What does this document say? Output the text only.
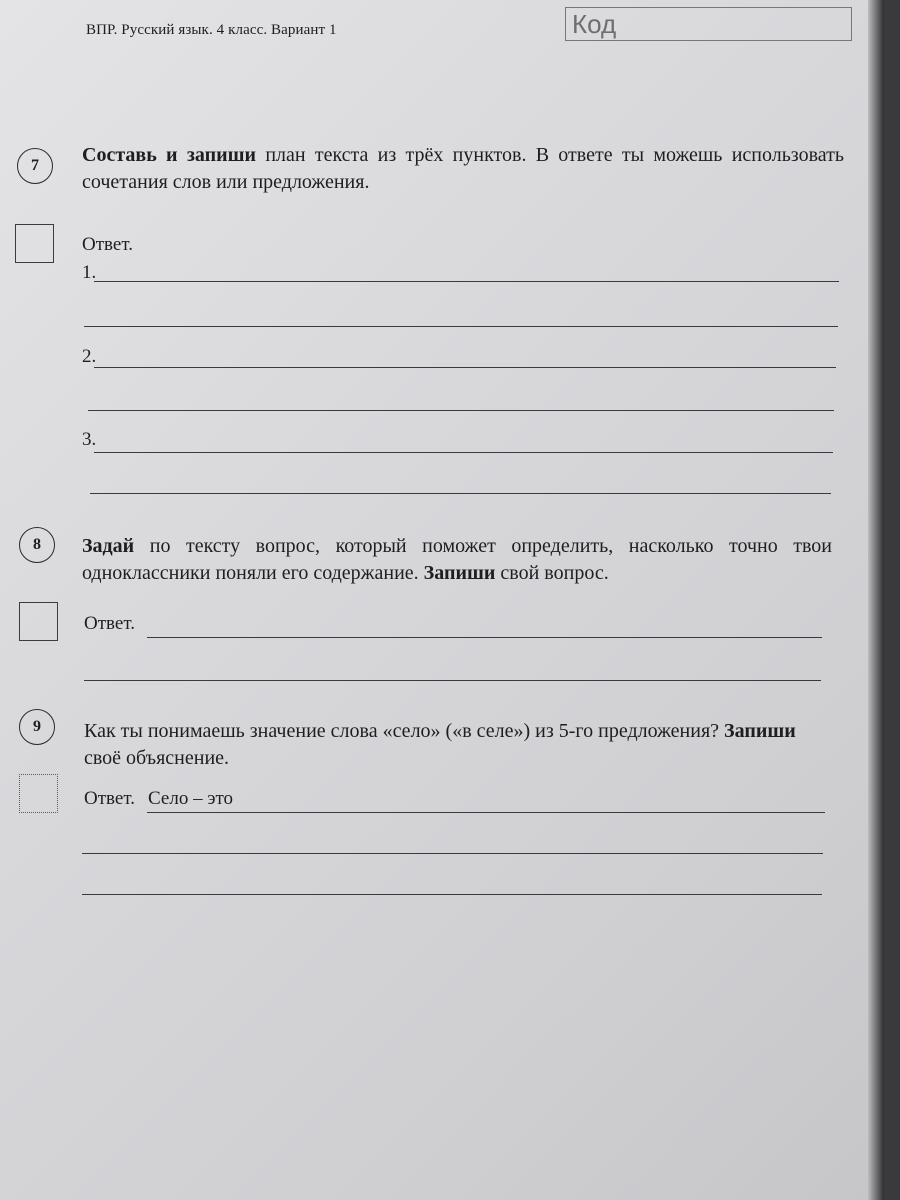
ВПР. Русский язык. 4 класс. Вариант 1	Код
7	Составь и запиши план текста из трёх пунктов. В ответе ты можешь использовать сочетания слов или предложения.
Ответ.
1.
2.
3.
8	Задай по тексту вопрос, который поможет определить, насколько точно твои одноклассники поняли его содержание. Запиши свой вопрос.
Ответ.
9	Как ты понимаешь значение слова «село» («в селе») из 5-го предложения? Запиши своё объяснение.
Ответ. Село – это
